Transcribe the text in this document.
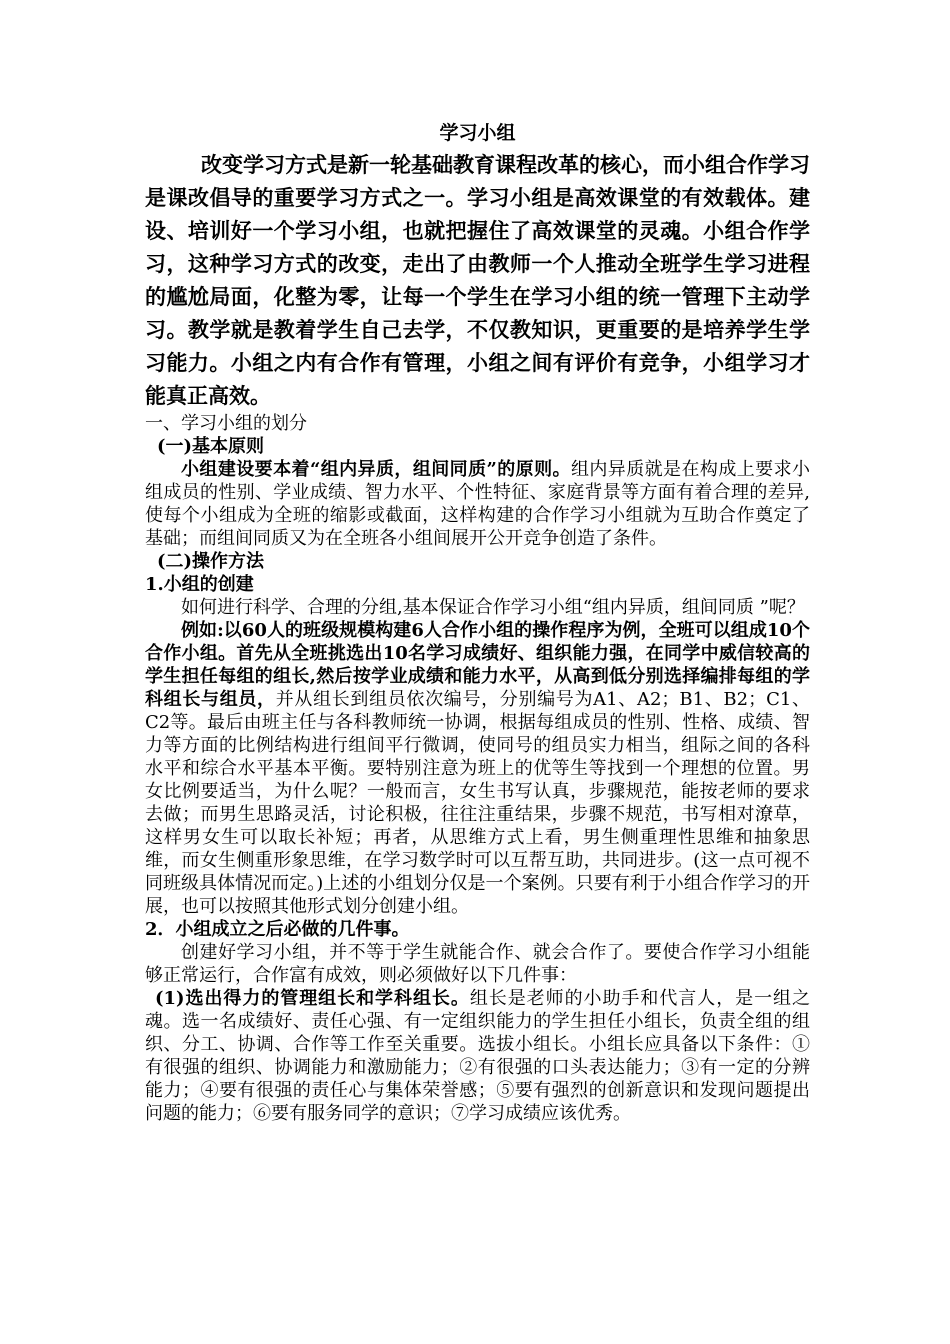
学习小组

改变学习方式是新一轮基础教育课程改革的核心，而小组合作学习是课改倡导的重要学习方式之一。学习小组是高效课堂的有效载体。建设、培训好一个学习小组，也就把握住了高效课堂的灵魂。小组合作学习，这种学习方式的改变，走出了由教师一个人推动全班学生学习进程的尴尬局面，化整为零，让每一个学生在学习小组的统一管理下主动学习。教学就是教着学生自己去学，不仅教知识，更重要的是培养学生学习能力。小组之内有合作有管理，小组之间有评价有竞争，小组学习才能真正高效。

一、学习小组的划分

(一)基本原则

小组建设要本着“组内异质，组间同质”的原则。组内异质就是在构成上要求小组成员的性别、学业成绩、智力水平、个性特征、家庭背景等方面有着合理的差异,使每个小组成为全班的缩影或截面，这样构建的合作学习小组就为互助合作奠定了基础；而组间同质又为在全班各小组间展开公开竞争创造了条件。

(二)操作方法

1.小组的创建

如何进行科学、合理的分组,基本保证合作学习小组“组内异质，组间同质 ”呢？

例如:以60人的班级规模构建6人合作小组的操作程序为例，全班可以组成10个合作小组。首先从全班挑选出10名学习成绩好、组织能力强，在同学中威信较高的学生担任每组的组长,然后按学业成绩和能力水平，从高到低分别选择编排每组的学科组长与组员，并从组长到组员依次编号，分别编号为A1、A2；B1、B2；C1、C2等。最后由班主任与各科教师统一协调，根据每组成员的性别、性格、成绩、智力等方面的比例结构进行组间平行微调，使同号的组员实力相当，组际之间的各科水平和综合水平基本平衡。要特别注意为班上的优等生等找到一个理想的位置。男女比例要适当，为什么呢？一般而言，女生书写认真，步骤规范，能按老师的要求去做；而男生思路灵活，讨论积极，往往注重结果，步骤不规范，书写相对潦草，这样男女生可以取长补短；再者，从思维方式上看，男生侧重理性思维和抽象思维，而女生侧重形象思维，在学习数学时可以互帮互助，共同进步。(这一点可视不同班级具体情况而定。)上述的小组划分仅是一个案例。只要有利于小组合作学习的开展，也可以按照其他形式划分创建小组。

2．小组成立之后必做的几件事。

创建好学习小组，并不等于学生就能合作、就会合作了。要使合作学习小组能够正常运行，合作富有成效，则必须做好以下几件事：

(1)选出得力的管理组长和学科组长。组长是老师的小助手和代言人，是一组之魂。选一名成绩好、责任心强、有一定组织能力的学生担任小组长，负责全组的组织、分工、协调、合作等工作至关重要。选拔小组长。小组长应具备以下条件：①有很强的组织、协调能力和激励能力；②有很强的口头表达能力；③有一定的分辨能力；④要有很强的责任心与集体荣誉感；⑤要有强烈的创新意识和发现问题提出问题的能力；⑥要有服务同学的意识；⑦学习成绩应该优秀。
